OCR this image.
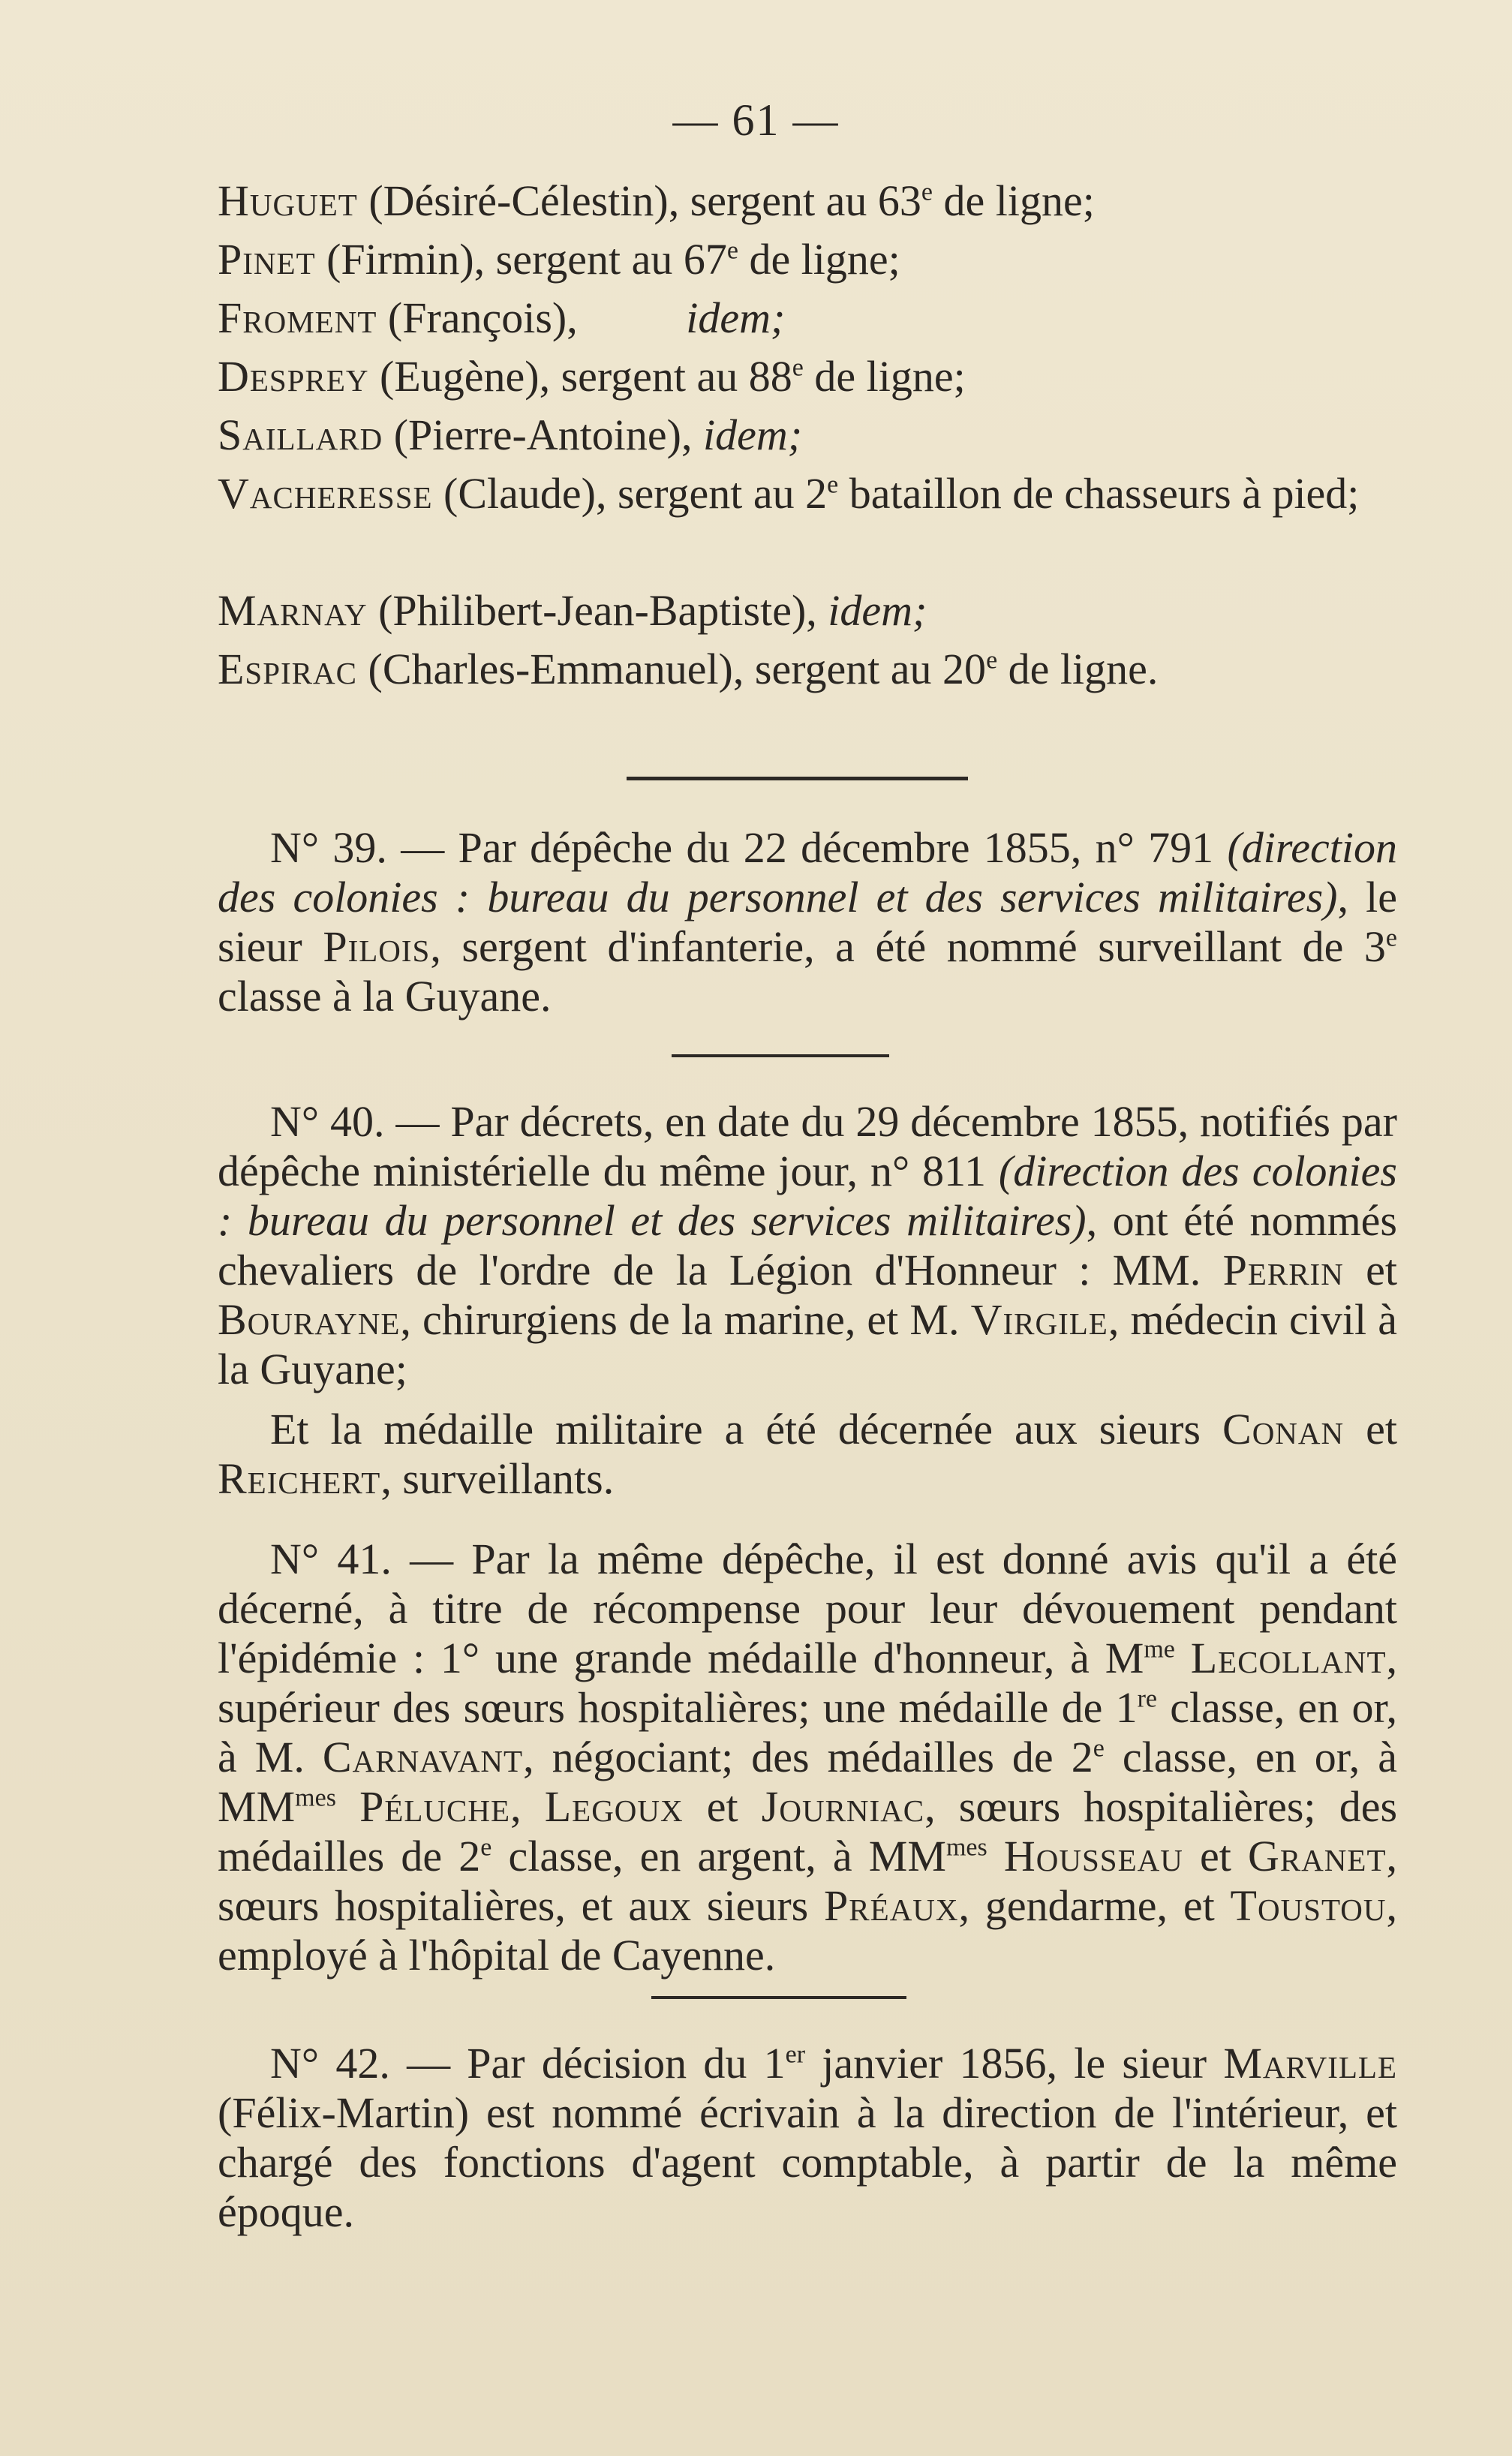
— 61 —
Huguet (Désiré-Célestin), sergent au 63e de ligne;
Pinet (Firmin), sergent au 67e de ligne;
Froment (François), idem;
Desprey (Eugène), sergent au 88e de ligne;
Saillard (Pierre-Antoine), idem;
Vacheresse (Claude), sergent au 2e bataillon de chasseurs à pied;
Marnay (Philibert-Jean-Baptiste), idem;
Espirac (Charles-Emmanuel), sergent au 20e de ligne.
N° 39. — Par dépêche du 22 décembre 1855, n° 791 (direction des colonies : bureau du personnel et des services militaires), le sieur Pilois, sergent d'infanterie, a été nommé surveillant de 3e classe à la Guyane.
N° 40. — Par décrets, en date du 29 décembre 1855, notifiés par dépêche ministérielle du même jour, n° 811 (direction des colonies : bureau du personnel et des services militaires), ont été nommés chevaliers de l'ordre de la Légion d'Honneur : MM. Perrin et Bourayne, chirurgiens de la marine, et M. Virgile, médecin civil à la Guyane;
Et la médaille militaire a été décernée aux sieurs Conan et Reichert, surveillants.
N° 41. — Par la même dépêche, il est donné avis qu'il a été décerné, à titre de récompense pour leur dévouement pendant l'épidémie : 1° une grande médaille d'honneur, à $M^{me}$ Lecollant, supérieur des sœurs hospitalières; une médaille de 1re classe, en or, à M. Carnavant, négociant; des médailles de 2e classe, en or, à $MM^{mes}$ Péluche, Legoux et Journiac, sœurs hospitalières; des médailles de 2e classe, en argent, à $MM^{mes}$ Housseau et Granet, sœurs hospitalières, et aux sieurs Préaux, gendarme, et Toustou, employé à l'hôpital de Cayenne.
N° 42. — Par décision du 1er janvier 1856, le sieur Marville (Félix-Martin) est nommé écrivain à la direction de l'intérieur, et chargé des fonctions d'agent comptable, à partir de la même époque.
